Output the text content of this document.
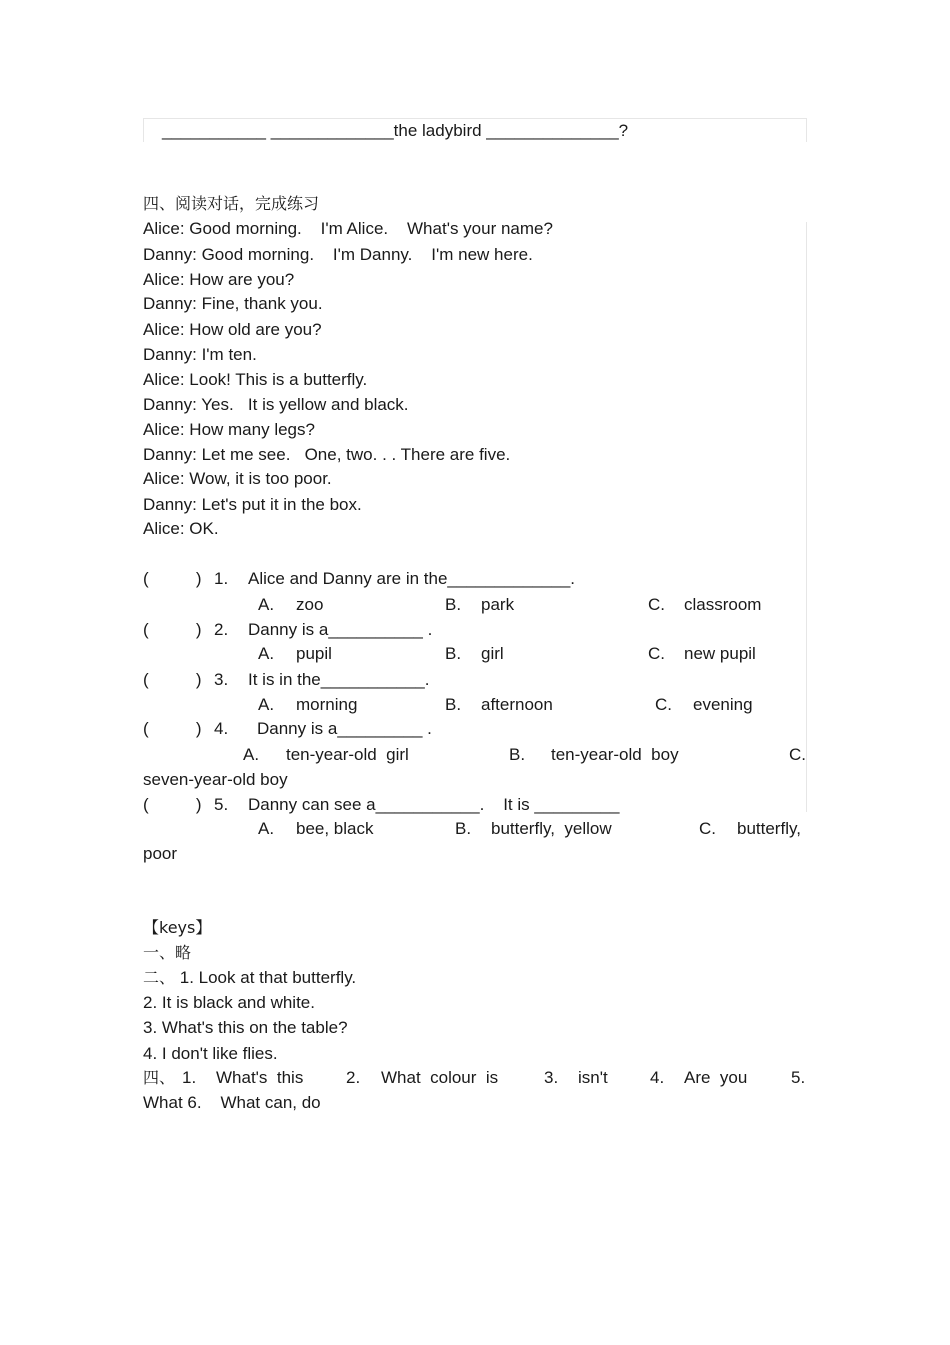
___________ _____________the ladybird ______________?
四、阅读对话，完成练习
Alice: Good morning.    I'm Alice.    What's your name?
Danny: Good morning.    I'm Danny.    I'm new here.
Alice: How are you?
Danny: Fine, thank you.
Alice: How old are you?
Danny: I'm ten.
Alice: Look! This is a butterfly.
Danny: Yes.   It is yellow and black.
Alice: How many legs?
Danny: Let me see.   One, two. . . There are five.
Alice: Wow, it is too poor.
Danny: Let's put it in the box.
Alice: OK.
(          ) 1. Alice and Danny are in the_____________.
A. zoo	B. park	C. classroom
(          ) 2. Danny is a__________ .
A. pupil	B. girl	C. new pupil
(          ) 3. It is in the___________.
A. morning	B. afternoon	C. evening
(          ) 4. Danny is a_________ .
A. ten-year-old  girl	B. ten-year-old  boy	C.
seven-year-old boy
(          ) 5. Danny can see a___________.    It is _________
A. bee, black	B. butterfly,  yellow	C. butterfly,
poor
【keys】
一、略
二、 1. Look at that butterfly.
2. It is black and white.
3. What's this on the table?
4. I don't like flies.
四、 1. What's  this	2. What  colour  is	3. isn't 4. Are  you	5.
What 6.    What can, do
